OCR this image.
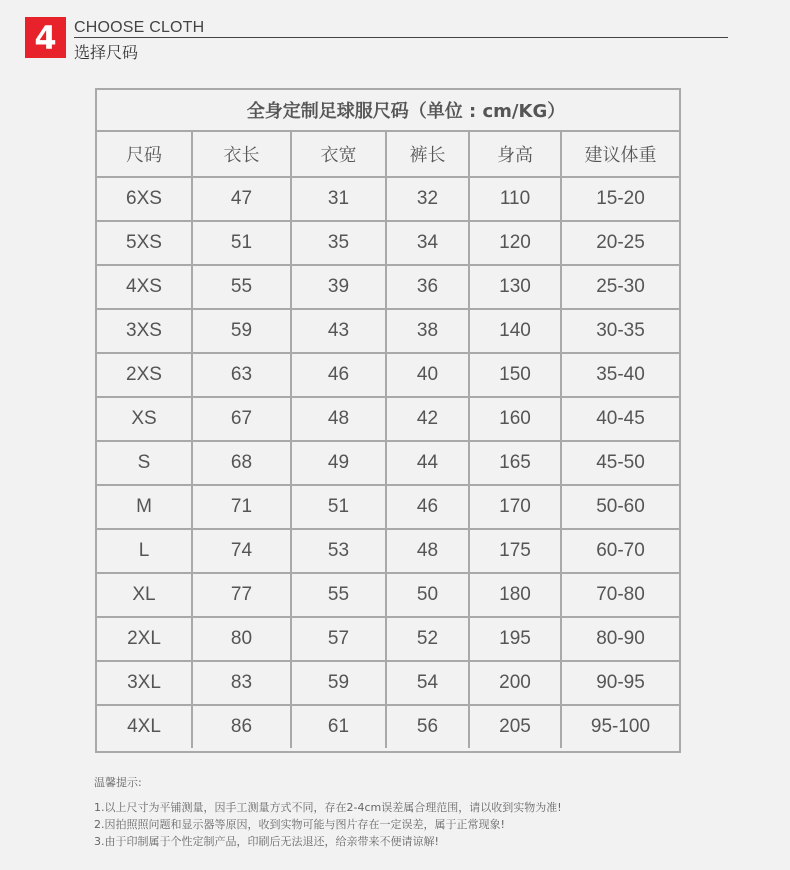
4	CHOOSE CLOTH
选择尺码
全身定制足球服尺码（单位 : cm/KG）
尺码	衣长	衣宽	裤长	身高	建议体重
6XS	47	31	32	110	15-20
5XS	51	35	34	120	20-25
4XS	55	39	36	130	25-30
3XS	59	43	38	140	30-35
2XS	63	46	40	150	35-40
XS	67	48	42	160	40-45
S	68	49	44	165	45-50
M	71	51	46	170	50-60
L	74	53	48	175	60-70
XL	77	55	50	180	70-80
2XL	80	57	52	195	80-90
3XL	83	59	54	200	90-95
4XL	86	61	56	205	95-100
温馨提示:
1.以上尺寸为平铺测量，因手工测量方式不同，存在2-4cm误差属合理范围，请以收到实物为准!
2.因拍照照问题和显示器等原因，收到实物可能与图片存在一定误差，属于正常现象!
3.由于印制属于个性定制产品，印刷后无法退还，给亲带来不便请谅解!
